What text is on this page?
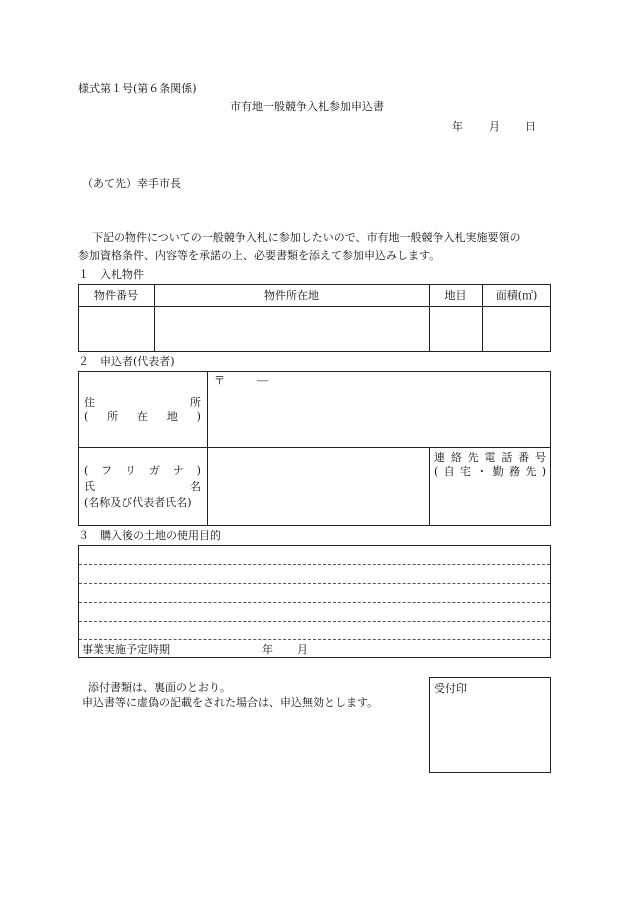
様式第１号(第６条関係)
市有地一般競争入札参加申込書
年 月 日
（あて先）幸手市長
下記の物件についての一般競争入札に参加したいので、市有地一般競争入札実施要領の
参加資格条件、内容等を承諾の上、必要書類を添えて参加申込みします。
１　入札物件
物件番号	物件所在地	地目	面積(㎡)
２　申込者(代表者)
住	所
( 所 在 地 )
〒	―
( フ リ ガ ナ )
氏	名
(名称及び代表者氏名)
連 絡 先 電 話 番 号
( 自 宅 ・ 勤 務 先 )
３　購入後の土地の使用目的
事業実施予定時期	年 月
添付書類は、裏面のとおり。
申込書等に虚偽の記載をされた場合は、申込無効とします。
受付印
